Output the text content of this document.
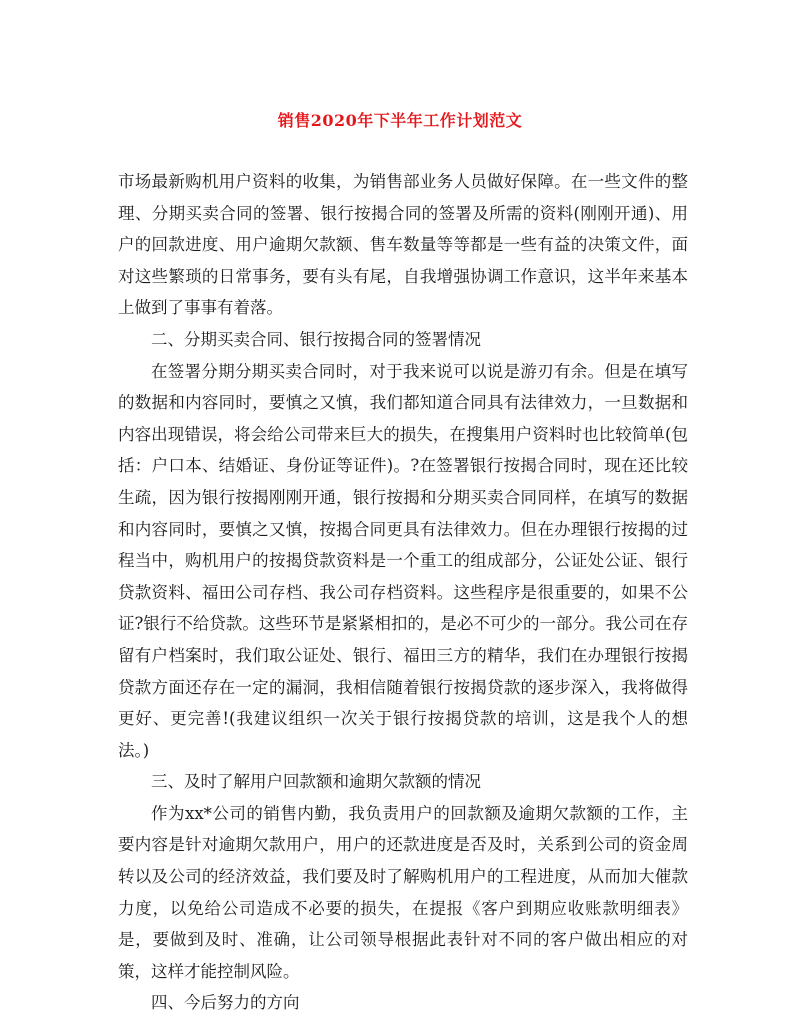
销售2020年下半年工作计划范文

市场最新购机用户资料的收集，为销售部业务人员做好保障。在一些文件的整理、分期买卖合同的签署、银行按揭合同的签署及所需的资料(刚刚开通)、用户的回款进度、用户逾期欠款额、售车数量等等都是一些有益的决策文件，面对这些繁琐的日常事务，要有头有尾，自我增强协调工作意识，这半年来基本上做到了事事有着落。

二、分期买卖合同、银行按揭合同的签署情况

在签署分期分期买卖合同时，对于我来说可以说是游刃有余。但是在填写的数据和内容同时，要慎之又慎，我们都知道合同具有法律效力，一旦数据和内容出现错误，将会给公司带来巨大的损失，在搜集用户资料时也比较简单(包括：户口本、结婚证、身份证等证件)。?在签署银行按揭合同时，现在还比较生疏，因为银行按揭刚刚开通，银行按揭和分期买卖合同同样，在填写的数据和内容同时，要慎之又慎，按揭合同更具有法律效力。但在办理银行按揭的过程当中，购机用户的按揭贷款资料是一个重工的组成部分，公证处公证、银行贷款资料、福田公司存档、我公司存档资料。这些程序是很重要的，如果不公证?银行不给贷款。这些环节是紧紧相扣的，是必不可少的一部分。我公司在存留有户档案时，我们取公证处、银行、福田三方的精华，我们在办理银行按揭贷款方面还存在一定的漏洞，我相信随着银行按揭贷款的逐步深入，我将做得更好、更完善!(我建议组织一次关于银行按揭贷款的培训，这是我个人的想法。)

三、及时了解用户回款额和逾期欠款额的情况

作为xx*公司的销售内勤，我负责用户的回款额及逾期欠款额的工作，主要内容是针对逾期欠款用户，用户的还款进度是否及时，关系到公司的资金周转以及公司的经济效益，我们要及时了解购机用户的工程进度，从而加大催款力度，以免给公司造成不必要的损失，在提报《客户到期应收账款明细表》是，要做到及时、准确，让公司领导根据此表针对不同的客户做出相应的对策，这样才能控制风险。

四、今后努力的方向
